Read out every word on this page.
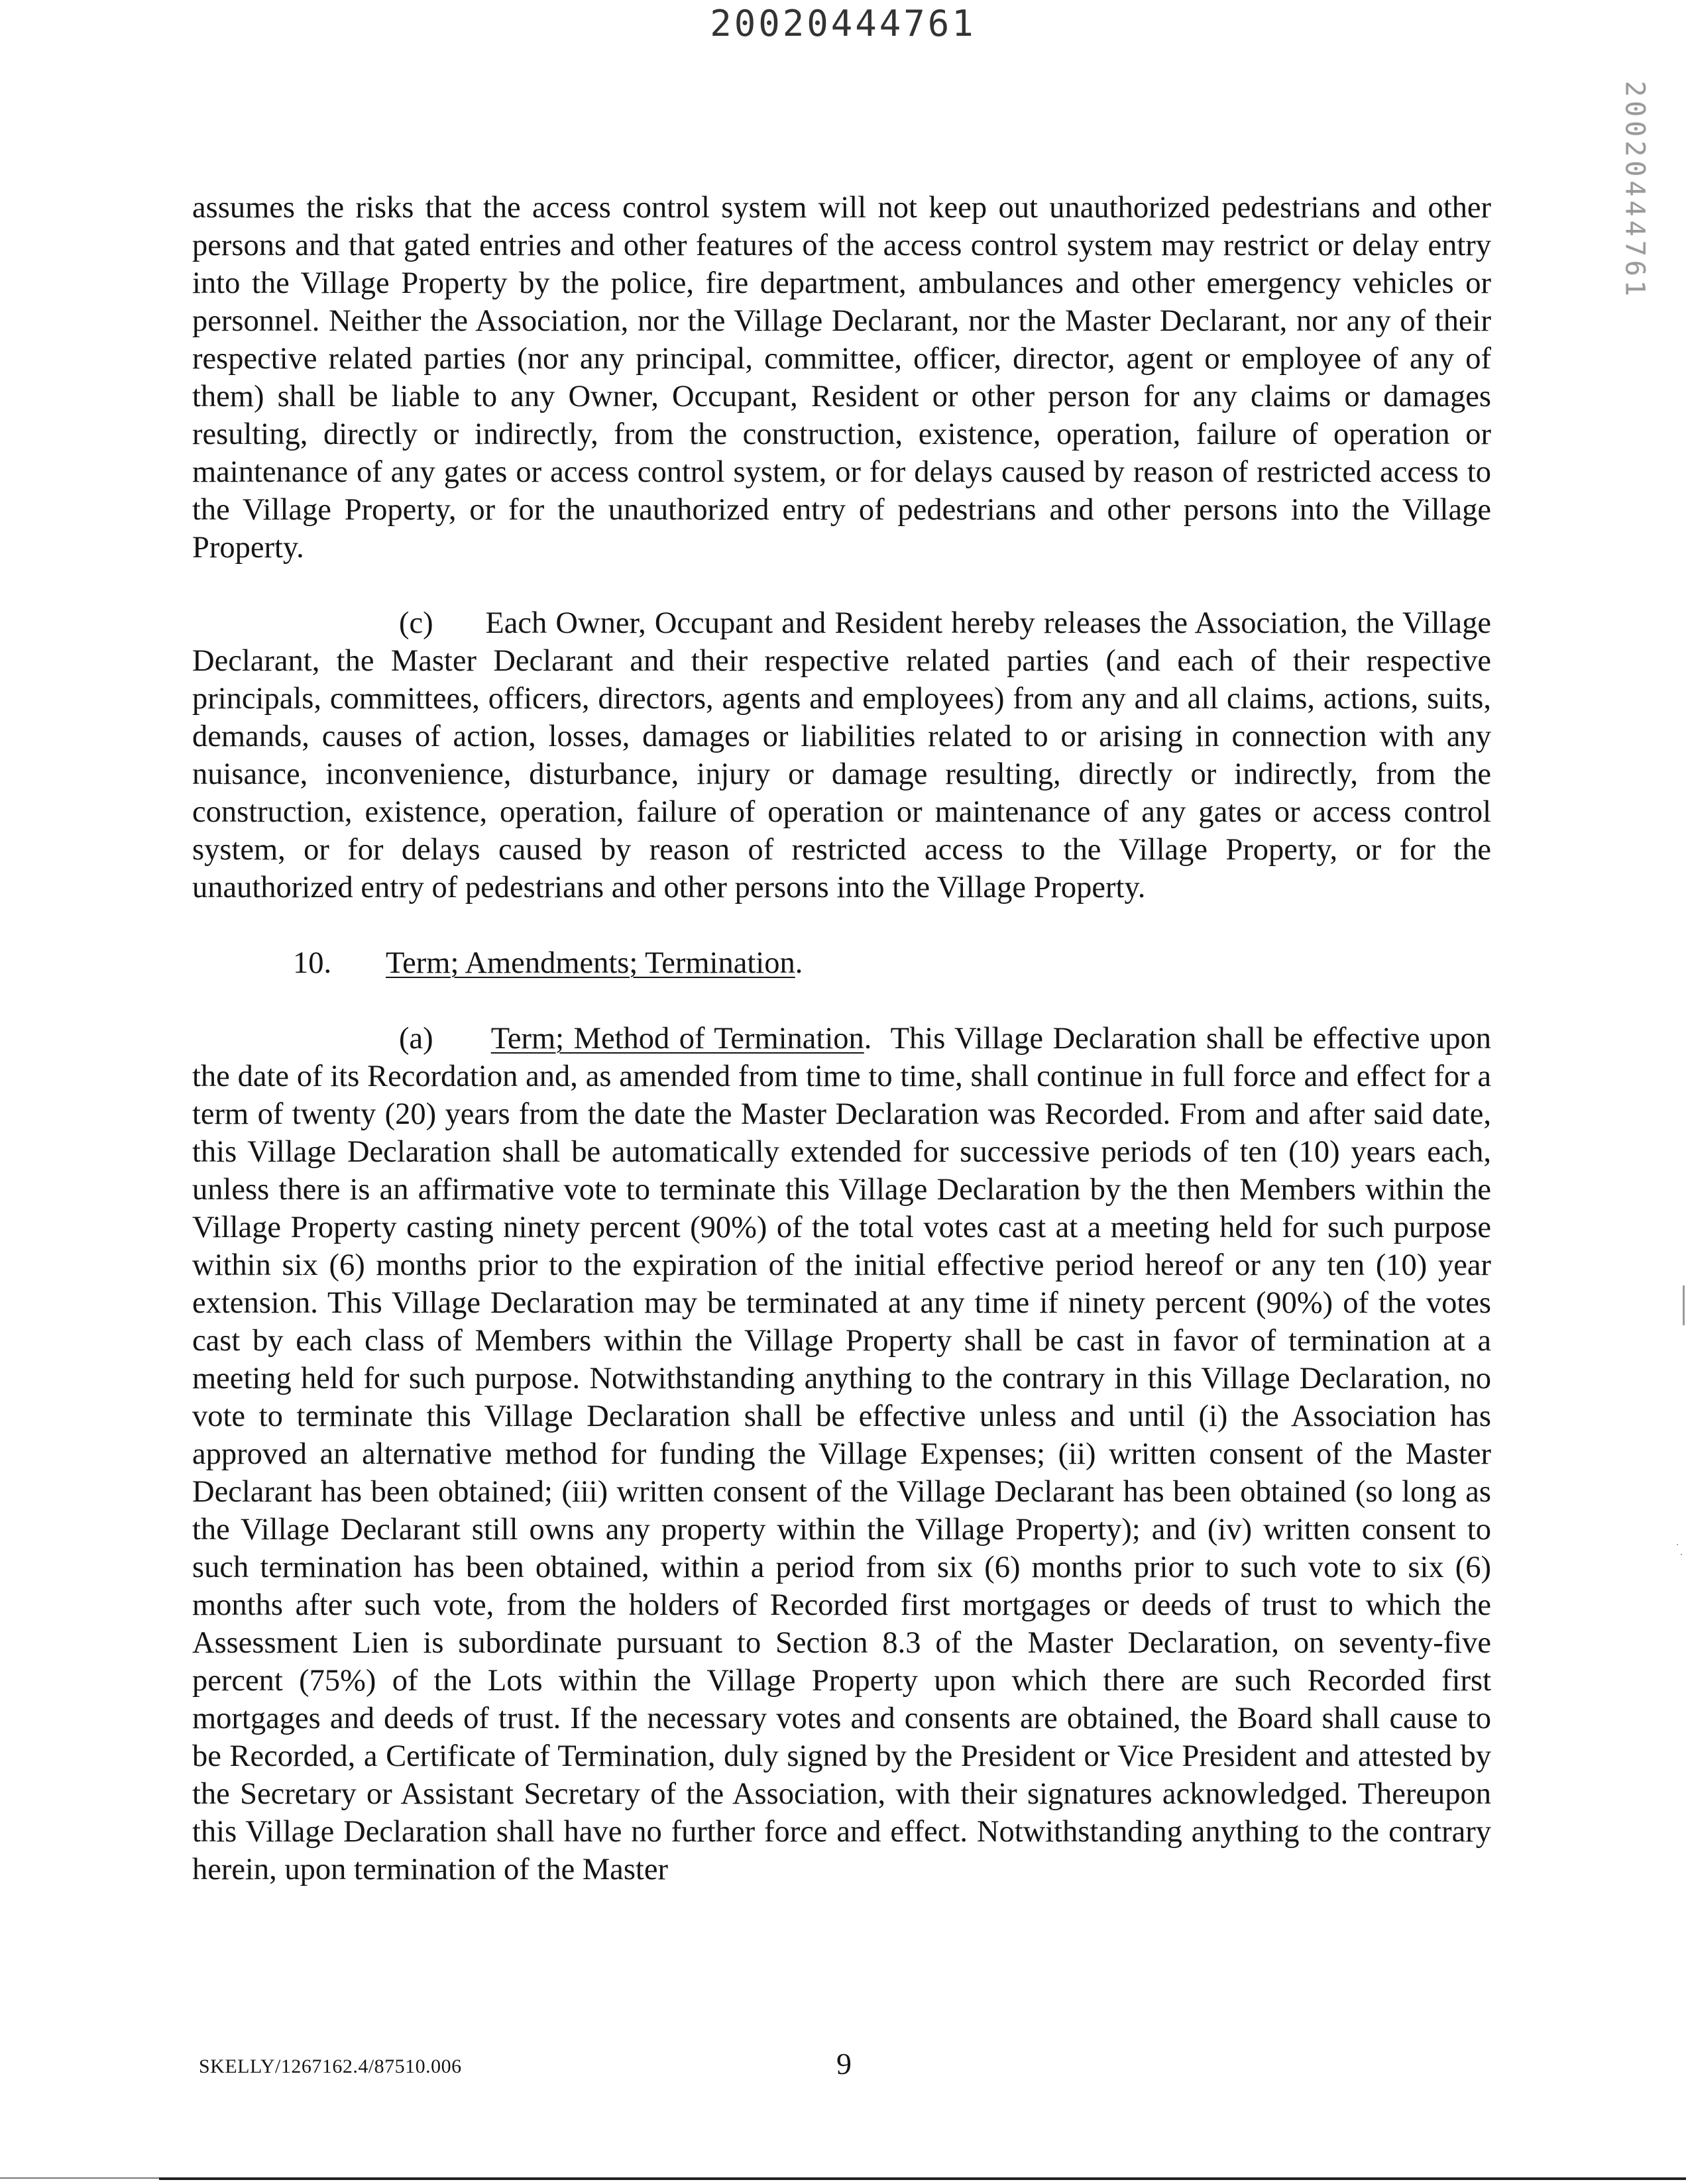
20020444761
20020444761

assumes the risks that the access control system will not keep out unauthorized pedestrians and other persons and that gated entries and other features of the access control system may restrict or delay entry into the Village Property by the police, fire department, ambulances and other emergency vehicles or personnel. Neither the Association, nor the Village Declarant, nor the Master Declarant, nor any of their respective related parties (nor any principal, committee, officer, director, agent or employee of any of them) shall be liable to any Owner, Occupant, Resident or other person for any claims or damages resulting, directly or indirectly, from the construction, existence, operation, failure of operation or maintenance of any gates or access control system, or for delays caused by reason of restricted access to the Village Property, or for the unauthorized entry of pedestrians and other persons into the Village Property.

(c) Each Owner, Occupant and Resident hereby releases the Association, the Village Declarant, the Master Declarant and their respective related parties (and each of their respective principals, committees, officers, directors, agents and employees) from any and all claims, actions, suits, demands, causes of action, losses, damages or liabilities related to or arising in connection with any nuisance, inconvenience, disturbance, injury or damage resulting, directly or indirectly, from the construction, existence, operation, failure of operation or maintenance of any gates or access control system, or for delays caused by reason of restricted access to the Village Property, or for the unauthorized entry of pedestrians and other persons into the Village Property.

10. Term; Amendments; Termination.

(a) Term; Method of Termination. This Village Declaration shall be effective upon the date of its Recordation and, as amended from time to time, shall continue in full force and effect for a term of twenty (20) years from the date the Master Declaration was Recorded. From and after said date, this Village Declaration shall be automatically extended for successive periods of ten (10) years each, unless there is an affirmative vote to terminate this Village Declaration by the then Members within the Village Property casting ninety percent (90%) of the total votes cast at a meeting held for such purpose within six (6) months prior to the expiration of the initial effective period hereof or any ten (10) year extension. This Village Declaration may be terminated at any time if ninety percent (90%) of the votes cast by each class of Members within the Village Property shall be cast in favor of termination at a meeting held for such purpose. Notwithstanding anything to the contrary in this Village Declaration, no vote to terminate this Village Declaration shall be effective unless and until (i) the Association has approved an alternative method for funding the Village Expenses; (ii) written consent of the Master Declarant has been obtained; (iii) written consent of the Village Declarant has been obtained (so long as the Village Declarant still owns any property within the Village Property); and (iv) written consent to such termination has been obtained, within a period from six (6) months prior to such vote to six (6) months after such vote, from the holders of Recorded first mortgages or deeds of trust to which the Assessment Lien is subordinate pursuant to Section 8.3 of the Master Declaration, on seventy-five percent (75%) of the Lots within the Village Property upon which there are such Recorded first mortgages and deeds of trust. If the necessary votes and consents are obtained, the Board shall cause to be Recorded, a Certificate of Termination, duly signed by the President or Vice President and attested by the Secretary or Assistant Secretary of the Association, with their signatures acknowledged. Thereupon this Village Declaration shall have no further force and effect. Notwithstanding anything to the contrary herein, upon termination of the Master

SKELLY/1267162.4/87510.006	9
